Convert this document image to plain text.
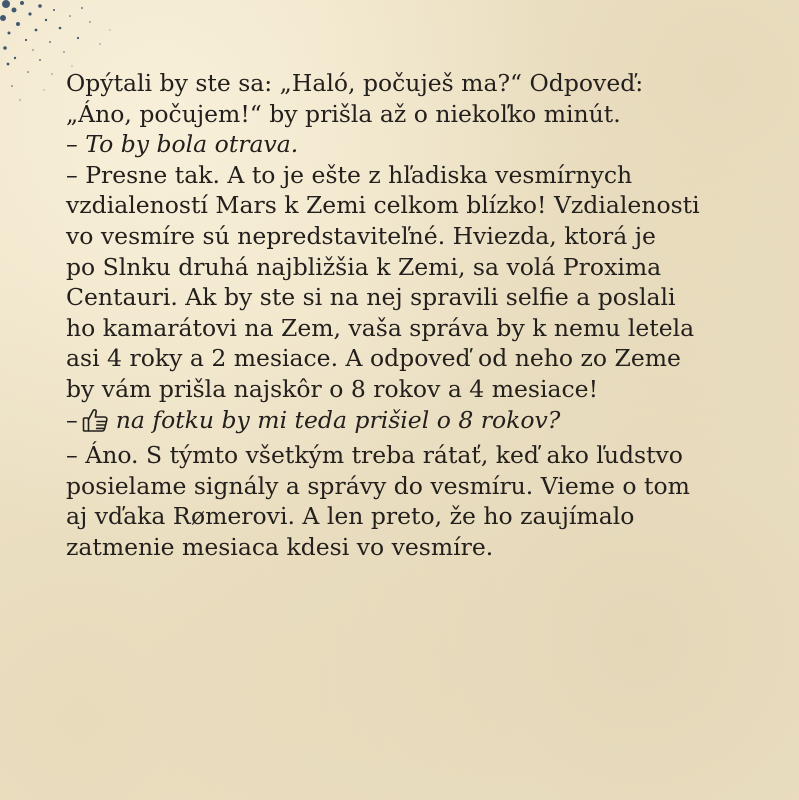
Opýtali by ste sa: „Haló, počuješ ma?“ Odpoveď:
„Áno, počujem!“ by prišla až o niekoľko minút.
– To by bola otrava.
– Presne tak. A to je ešte z hľadiska vesmírnych
vzdialeností Mars k Zemi celkom blízko! Vzdialenosti
vo vesmíre sú nepredstaviteľné. Hviezda, ktorá je
po Slnku druhá najbližšia k Zemi, sa volá Proxima
Centauri. Ak by ste si na nej spravili selfie a poslali
ho kamarátovi na Zem, vaša správa by k nemu letela
asi 4 roky a 2 mesiace. A odpoveď od neho zo Zeme
by vám prišla najskôr o 8 rokov a 4 mesiace!
– na fotku by mi teda prišiel o 8 rokov?
– Áno. S týmto všetkým treba rátať, keď ako ľudstvo
posielame signály a správy do vesmíru. Vieme o tom
aj vďaka Rømerovi. A len preto, že ho zaujímalo
zatmenie mesiaca kdesi vo vesmíre.
